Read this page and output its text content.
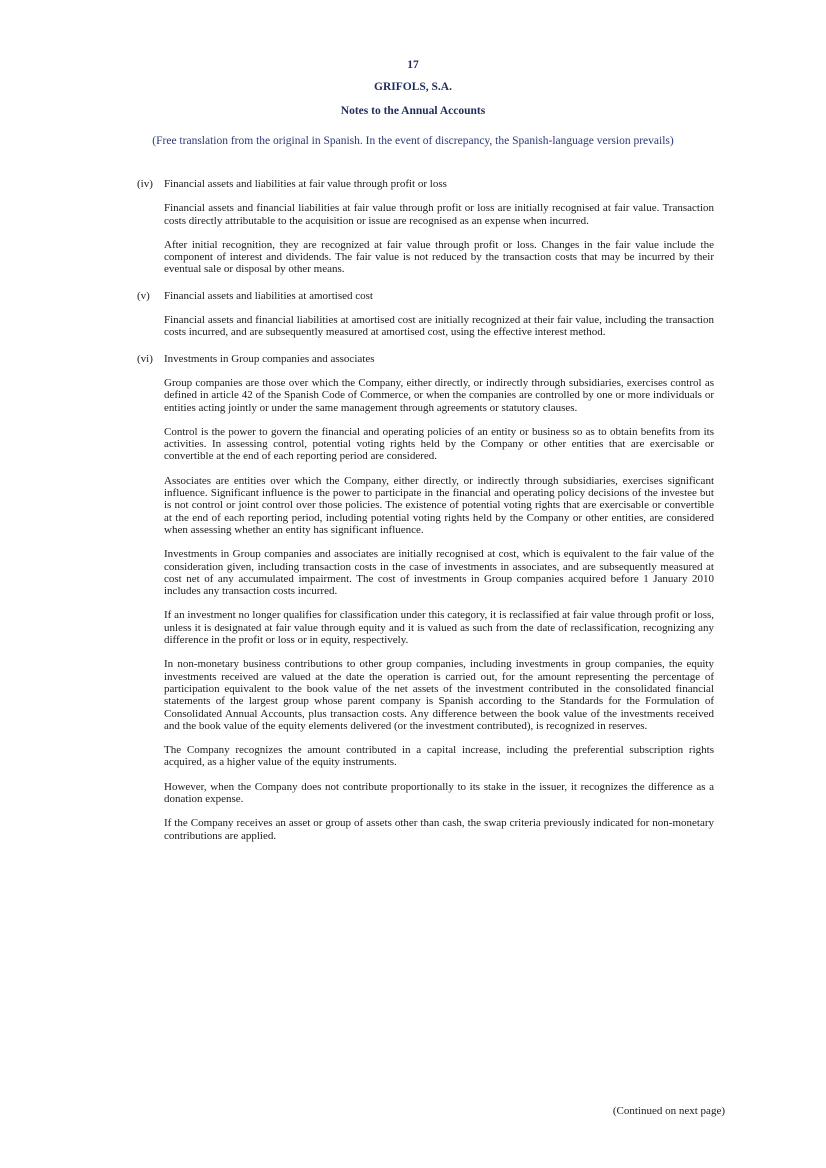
17
GRIFOLS, S.A.
Notes to the Annual Accounts
(Free translation from the original in Spanish. In the event of discrepancy, the Spanish-language version prevails)
(iv) Financial assets and liabilities at fair value through profit or loss

Financial assets and financial liabilities at fair value through profit or loss are initially recognised at fair value. Transaction costs directly attributable to the acquisition or issue are recognised as an expense when incurred.

After initial recognition, they are recognized at fair value through profit or loss. Changes in the fair value include the component of interest and dividends. The fair value is not reduced by the transaction costs that may be incurred by their eventual sale or disposal by other means.

(v) Financial assets and liabilities at amortised cost

Financial assets and financial liabilities at amortised cost are initially recognized at their fair value, including the transaction costs incurred, and are subsequently measured at amortised cost, using the effective interest method.

(vi) Investments in Group companies and associates

Group companies are those over which the Company, either directly, or indirectly through subsidiaries, exercises control as defined in article 42 of the Spanish Code of Commerce, or when the companies are controlled by one or more individuals or entities acting jointly or under the same management through agreements or statutory clauses.

Control is the power to govern the financial and operating policies of an entity or business so as to obtain benefits from its activities. In assessing control, potential voting rights held by the Company or other entities that are exercisable or convertible at the end of each reporting period are considered.

Associates are entities over which the Company, either directly, or indirectly through subsidiaries, exercises significant influence. Significant influence is the power to participate in the financial and operating policy decisions of the investee but is not control or joint control over those policies. The existence of potential voting rights that are exercisable or convertible at the end of each reporting period, including potential voting rights held by the Company or other entities, are considered when assessing whether an entity has significant influence.

Investments in Group companies and associates are initially recognised at cost, which is equivalent to the fair value of the consideration given, including transaction costs in the case of investments in associates, and are subsequently measured at cost net of any accumulated impairment. The cost of investments in Group companies acquired before 1 January 2010 includes any transaction costs incurred.

If an investment no longer qualifies for classification under this category, it is reclassified at fair value through profit or loss, unless it is designated at fair value through equity and it is valued as such from the date of reclassification, recognizing any difference in the profit or loss or in equity, respectively.

In non-monetary business contributions to other group companies, including investments in group companies, the equity investments received are valued at the date the operation is carried out, for the amount representing the percentage of participation equivalent to the book value of the net assets of the investment contributed in the consolidated financial statements of the largest group whose parent company is Spanish according to the Standards for the Formulation of Consolidated Annual Accounts, plus transaction costs. Any difference between the book value of the investments received and the book value of the equity elements delivered (or the investment contributed), is recognized in reserves.

The Company recognizes the amount contributed in a capital increase, including the preferential subscription rights acquired, as a higher value of the equity instruments.

However, when the Company does not contribute proportionally to its stake in the issuer, it recognizes the difference as a donation expense.

If the Company receives an asset or group of assets other than cash, the swap criteria previously indicated for non-monetary contributions are applied.

(Continued on next page)
